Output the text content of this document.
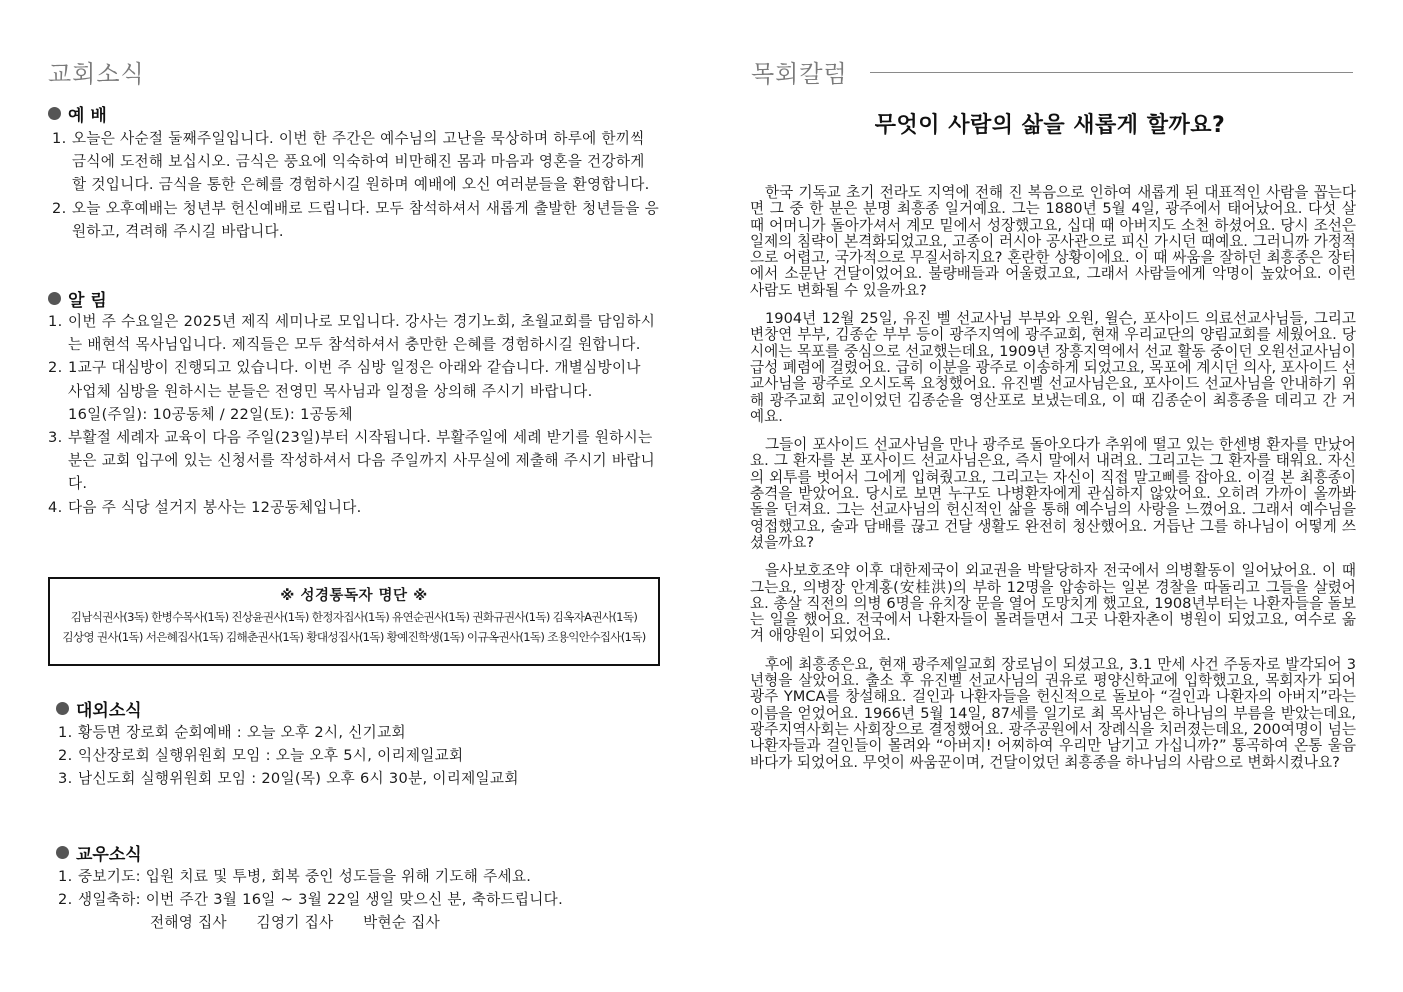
교회소식
예 배
1. 오늘은 사순절 둘째주일입니다. 이번 한 주간은 예수님의 고난을 묵상하며 하루에 한끼씩 금식에 도전해 보십시오. 금식은 풍요에 익숙하여 비만해진 몸과 마음과 영혼을 건강하게 할 것입니다. 금식을 통한 은혜를 경험하시길 원하며 예배에 오신 여러분들을 환영합니다.
2. 오늘 오후예배는 청년부 헌신예배로 드립니다. 모두 참석하셔서 새롭게 출발한 청년들을 응원하고, 격려해 주시길 바랍니다.
알 림
1. 이번 주 수요일은 2025년 제직 세미나로 모입니다. 강사는 경기노회, 초월교회를 담임하시는 배현석 목사님입니다. 제직들은 모두 참석하셔서 충만한 은혜를 경험하시길 원합니다.
2. 1교구 대심방이 진행되고 있습니다. 이번 주 심방 일정은 아래와 같습니다. 개별심방이나 사업체 심방을 원하시는 분들은 전영민 목사님과 일정을 상의해 주시기 바랍니다.
16일(주일): 10공동체 / 22일(토): 1공동체
3. 부활절 세례자 교육이 다음 주일(23일)부터 시작됩니다. 부활주일에 세례 받기를 원하시는 분은 교회 입구에 있는 신청서를 작성하셔서 다음 주일까지 사무실에 제출해 주시기 바랍니다.
4. 다음 주 식당 설거지 봉사는 12공동체입니다.
※ 성경통독자 명단 ※
김남식권사(3독) 한병수목사(1독) 진상윤권사(1독) 한정자집사(1독) 유연순권사(1독) 권화규권사(1독) 김옥자A권사(1독)
김상영 권사(1독) 서은혜집사(1독) 김해춘권사(1독) 황대성집사(1독) 황예진학생(1독) 이규옥권사(1독) 조용익안수집사(1독)
대외소식
1. 황등면 장로회 순회예배 : 오늘 오후 2시, 신기교회
2. 익산장로회 실행위원회 모임 : 오늘 오후 5시, 이리제일교회
3. 남신도회 실행위원회 모임 : 20일(목) 오후 6시 30분, 이리제일교회
교우소식
1. 중보기도: 입원 치료 및 투병, 회복 중인 성도들을 위해 기도해 주세요.
2. 생일축하: 이번 주간 3월 16일 ~ 3월 22일 생일 맞으신 분, 축하드립니다.
전해영 집사      김영기 집사      박현순 집사
목회칼럼
무엇이 사람의 삶을 새롭게 할까요?

한국 기독교 초기 전라도 지역에 전해 진 복음으로 인하여 새롭게 된 대표적인 사람을 꼽는다면 그 중 한 분은 분명 최흥종 일거예요. 그는 1880년 5월 4일, 광주에서 태어났어요. 다섯 살 때 어머니가 돌아가셔서 계모 밑에서 성장했고요, 십대 때 아버지도 소천 하셨어요. 당시 조선은 일제의 침략이 본격화되었고요, 고종이 러시아 공사관으로 피신 가시던 때예요. 그러니까 가정적으로 어렵고, 국가적으로 무질서하지요? 혼란한 상황이에요. 이 때 싸움을 잘하던 최흥종은 장터에서 소문난 건달이었어요. 불량배들과 어울렸고요, 그래서 사람들에게 악명이 높았어요. 이런 사람도 변화될 수 있을까요?

1904년 12월 25일, 유진 벨 선교사님 부부와 오원, 윌슨, 포사이드 의료선교사님들, 그리고 변창연 부부, 김종순 부부 등이 광주지역에 광주교회, 현재 우리교단의 양림교회를 세웠어요. 당시에는 목포를 중심으로 선교했는데요, 1909년 장흥지역에서 선교 활동 중이던 오원선교사님이 급성 폐렴에 걸렸어요. 급히 이분을 광주로 이송하게 되었고요, 목포에 계시던 의사, 포사이드 선교사님을 광주로 오시도록 요청했어요. 유진벨 선교사님은요, 포사이드 선교사님을 안내하기 위해 광주교회 교인이었던 김종순을 영산포로 보냈는데요, 이 때 김종순이 최흥종을 데리고 간 거예요.

그들이 포사이드 선교사님을 만나 광주로 돌아오다가 추위에 떨고 있는 한센병 환자를 만났어요. 그 환자를 본 포사이드 선교사님은요, 즉시 말에서 내려요. 그리고는 그 환자를 태워요. 자신의 외투를 벗어서 그에게 입혀줬고요, 그리고는 자신이 직접 말고삐를 잡아요. 이걸 본 최흥종이 충격을 받았어요. 당시로 보면 누구도 나병환자에게 관심하지 않았어요. 오히려 가까이 올까봐 돌을 던져요. 그는 선교사님의 헌신적인 삶을 통해 예수님의 사랑을 느꼈어요. 그래서 예수님을 영접했고요, 술과 담배를 끊고 건달 생활도 완전히 청산했어요. 거듭난 그를 하나님이 어떻게 쓰셨을까요?

을사보호조약 이후 대한제국이 외교권을 박탈당하자 전국에서 의병활동이 일어났어요. 이 때 그는요, 의병장 안계홍(安桂洪)의 부하 12명을 압송하는 일본 경찰을 따돌리고 그들을 살렸어요. 총살 직전의 의병 6명을 유치장 문을 열어 도망치게 했고요, 1908년부터는 나환자들을 돌보는 일을 했어요. 전국에서 나환자들이 몰려들면서 그곳 나환자촌이 병원이 되었고요, 여수로 옮겨 애양원이 되었어요.

후에 최흥종은요, 현재 광주제일교회 장로님이 되셨고요, 3.1 만세 사건 주동자로 발각되어 3년형을 살았어요. 출소 후 유진벨 선교사님의 권유로 평양신학교에 입학했고요, 목회자가 되어 광주 YMCA를 창설해요. 걸인과 나환자들을 헌신적으로 돌보아 “걸인과 나환자의 아버지”라는 이름을 얻었어요. 1966년 5월 14일, 87세를 일기로 최 목사님은 하나님의 부름을 받았는데요, 광주지역사회는 사회장으로 결정했어요. 광주공원에서 장례식을 치러졌는데요, 200여명이 넘는 나환자들과 걸인들이 몰려와 “아버지! 어찌하여 우리만 남기고 가십니까?” 통곡하여 온통 울음바다가 되었어요. 무엇이 싸움꾼이며, 건달이었던 최흥종을 하나님의 사람으로 변화시켰나요?
